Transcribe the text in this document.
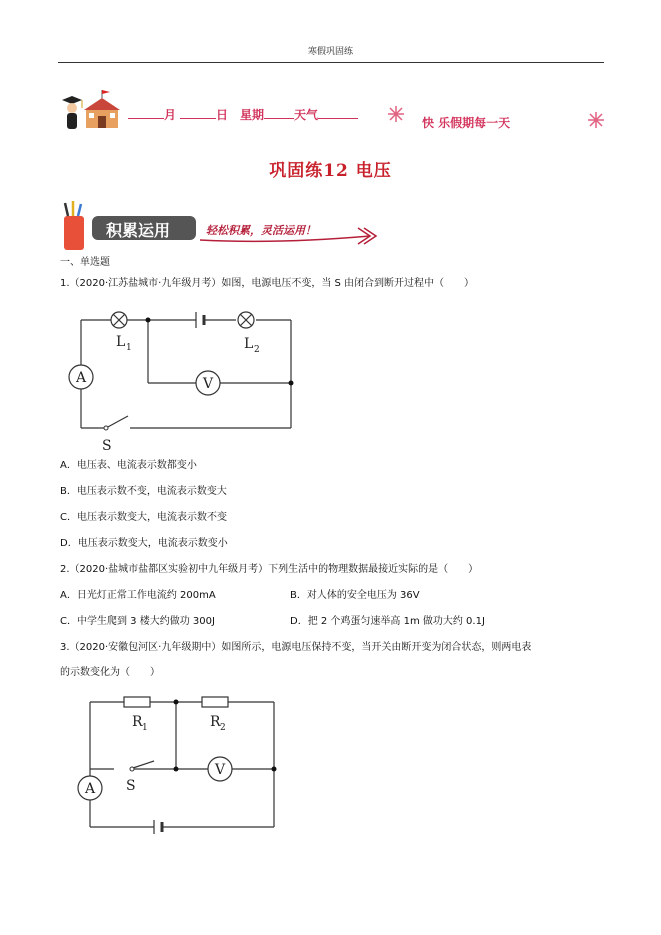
寒假巩固练
月	日 星期	天气
快 乐假期每一天
巩固练12 电压
积累运用	轻松积累，灵活运用！
一、单选题
1.（2020·江苏盐城市·九年级月考）如图，电源电压不变，当 S 由闭合到断开过程中（　　）
A	V
L 1	L 2
S
A．电压表、电流表示数都变小
B．电压表示数不变，电流表示数变大
C．电压表示数变大，电流表示数不变
D．电压表示数变大，电流表示数变小
2.（2020·盐城市盐都区实验初中九年级月考）下列生活中的物理数据最接近实际的是（　　）
A．日光灯正常工作电流约 200mA	B．对人体的安全电压为 36V
C．中学生爬到 3 楼大约做功 300J	D．把 2 个鸡蛋匀速举高 1m 做功大约 0.1J
3.（2020·安徽包河区·九年级期中）如图所示，电源电压保持不变，当开关由断开变为闭合状态，则两电表
的示数变化为（　　）
A
V
R 1	R 2
S
